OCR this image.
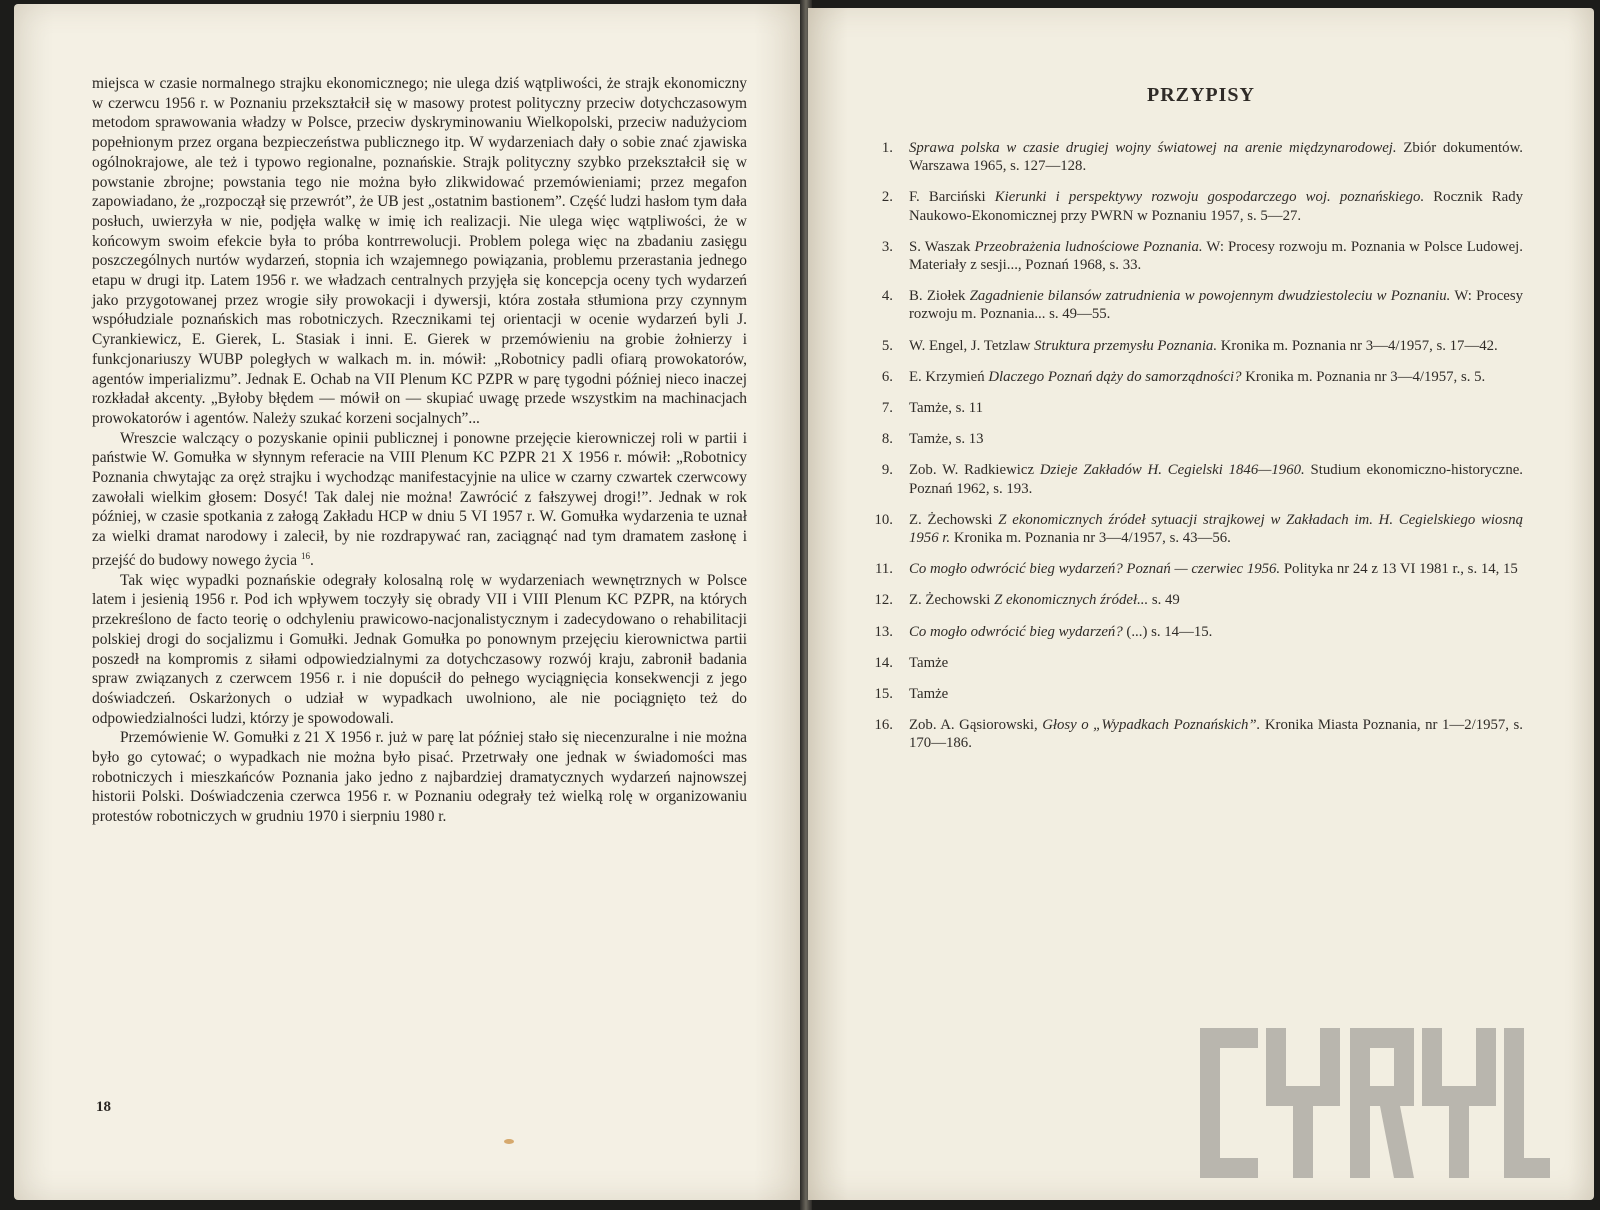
miejsca w czasie normalnego strajku ekonomicznego; nie ulega dziś wątpliwości, że strajk ekonomiczny w czerwcu 1956 r. w Poznaniu przekształcił się w masowy protest polityczny przeciw dotychczasowym metodom sprawowania władzy w Polsce, przeciw dyskryminowaniu Wielkopolski, przeciw nadużyciom popełnionym przez organa bezpieczeństwa publicznego itp. W wydarzeniach dały o sobie znać zjawiska ogólnokrajowe, ale też i typowo regionalne, poznańskie. Strajk polityczny szybko przekształcił się w powstanie zbrojne; powstania tego nie można było zlikwidować przemówieniami; przez megafon zapowiadano, że „rozpoczął się przewrót”, że UB jest „ostatnim bastionem”. Część ludzi hasłom tym dała posłuch, uwierzyła w nie, podjęła walkę w imię ich realizacji. Nie ulega więc wątpliwości, że w końcowym swoim efekcie była to próba kontrrewolucji. Problem polega więc na zbadaniu zasięgu poszczególnych nurtów wydarzeń, stopnia ich wzajemnego powiązania, problemu przerastania jednego etapu w drugi itp. Latem 1956 r. we władzach centralnych przyjęła się koncepcja oceny tych wydarzeń jako przygotowanej przez wrogie siły prowokacji i dywersji, która została stłumiona przy czynnym współudziale poznańskich mas robotniczych. Rzecznikami tej orientacji w ocenie wydarzeń byli J. Cyrankiewicz, E. Gierek, L. Stasiak i inni. E. Gierek w przemówieniu na grobie żołnierzy i funkcjonariuszy WUBP poległych w walkach m. in. mówił: „Robotnicy padli ofiarą prowokatorów, agentów imperializmu”. Jednak E. Ochab na VII Plenum KC PZPR w parę tygodni później nieco inaczej rozkładał akcenty. „Byłoby błędem — mówił on — skupiać uwagę przede wszystkim na machinacjach prowokatorów i agentów. Należy szukać korzeni socjalnych”...

Wreszcie walczący o pozyskanie opinii publicznej i ponowne przejęcie kierowniczej roli w partii i państwie W. Gomułka w słynnym referacie na VIII Plenum KC PZPR 21 X 1956 r. mówił: „Robotnicy Poznania chwytając za oręż strajku i wychodząc manifestacyjnie na ulice w czarny czwartek czerwcowy zawołali wielkim głosem: Dosyć! Tak dalej nie można! Zawrócić z fałszywej drogi!”. Jednak w rok później, w czasie spotkania z załogą Zakładu HCP w dniu 5 VI 1957 r. W. Gomułka wydarzenia te uznał za wielki dramat narodowy i zalecił, by nie rozdrapywać ran, zaciągnąć nad tym dramatem zasłonę i przejść do budowy nowego życia $^{16}$.

Tak więc wypadki poznańskie odegrały kolosalną rolę w wydarzeniach wewnętrznych w Polsce latem i jesienią 1956 r. Pod ich wpływem toczyły się obrady VII i VIII Plenum KC PZPR, na których przekreślono de facto teorię o odchyleniu prawicowo-nacjonalistycznym i zadecydowano o rehabilitacji polskiej drogi do socjalizmu i Gomułki. Jednak Gomułka po ponownym przejęciu kierownictwa partii poszedł na kompromis z siłami odpowiedzialnymi za dotychczasowy rozwój kraju, zabronił badania spraw związanych z czerwcem 1956 r. i nie dopuścił do pełnego wyciągnięcia konsekwencji z jego doświadczeń. Oskarżonych o udział w wypadkach uwolniono, ale nie pociągnięto też do odpowiedzialności ludzi, którzy je spowodowali.

Przemówienie W. Gomułki z 21 X 1956 r. już w parę lat później stało się niecenzuralne i nie można było go cytować; o wypadkach nie można było pisać. Przetrwały one jednak w świadomości mas robotniczych i mieszkańców Poznania jako jedno z najbardziej dramatycznych wydarzeń najnowszej historii Polski. Doświadczenia czerwca 1956 r. w Poznaniu odegrały też wielką rolę w organizowaniu protestów robotniczych w grudniu 1970 i sierpniu 1980 r.

18
PRZYPISY
1. Sprawa polska w czasie drugiej wojny światowej na arenie międzynarodowej. Zbiór dokumentów. Warszawa 1965, s. 127—128.
2. F. Barciński Kierunki i perspektywy rozwoju gospodarczego woj. poznańskiego. Rocznik Rady Naukowo-Ekonomicznej przy PWRN w Poznaniu 1957, s. 5—27.
3. S. Waszak Przeobrażenia ludnościowe Poznania. W: Procesy rozwoju m. Poznania w Polsce Ludowej. Materiały z sesji..., Poznań 1968, s. 33.
4. B. Ziołek Zagadnienie bilansów zatrudnienia w powojennym dwudziestoleciu w Poznaniu. W: Procesy rozwoju m. Poznania... s. 49—55.
5. W. Engel, J. Tetzlaw Struktura przemysłu Poznania. Kronika m. Poznania nr 3—4/1957, s. 17—42.
6. E. Krzymień Dlaczego Poznań dąży do samorządności? Kronika m. Poznania nr 3—4/1957, s. 5.
7. Tamże, s. 11
8. Tamże, s. 13
9. Zob. W. Radkiewicz Dzieje Zakładów H. Cegielski 1846—1960. Studium ekonomiczno-historyczne. Poznań 1962, s. 193.
10. Z. Żechowski Z ekonomicznych źródeł sytuacji strajkowej w Zakładach im. H. Cegielskiego wiosną 1956 r. Kronika m. Poznania nr 3—4/1957, s. 43—56.
11. Co mogło odwrócić bieg wydarzeń? Poznań — czerwiec 1956. Polityka nr 24 z 13 VI 1981 r., s. 14, 15
12. Z. Żechowski Z ekonomicznych źródeł... s. 49
13. Co mogło odwrócić bieg wydarzeń? (...) s. 14—15.
14. Tamże
15. Tamże
16. Zob. A. Gąsiorowski, Głosy o „Wypadkach Poznańskich”. Kronika Miasta Poznania, nr 1—2/1957, s. 170—186.
